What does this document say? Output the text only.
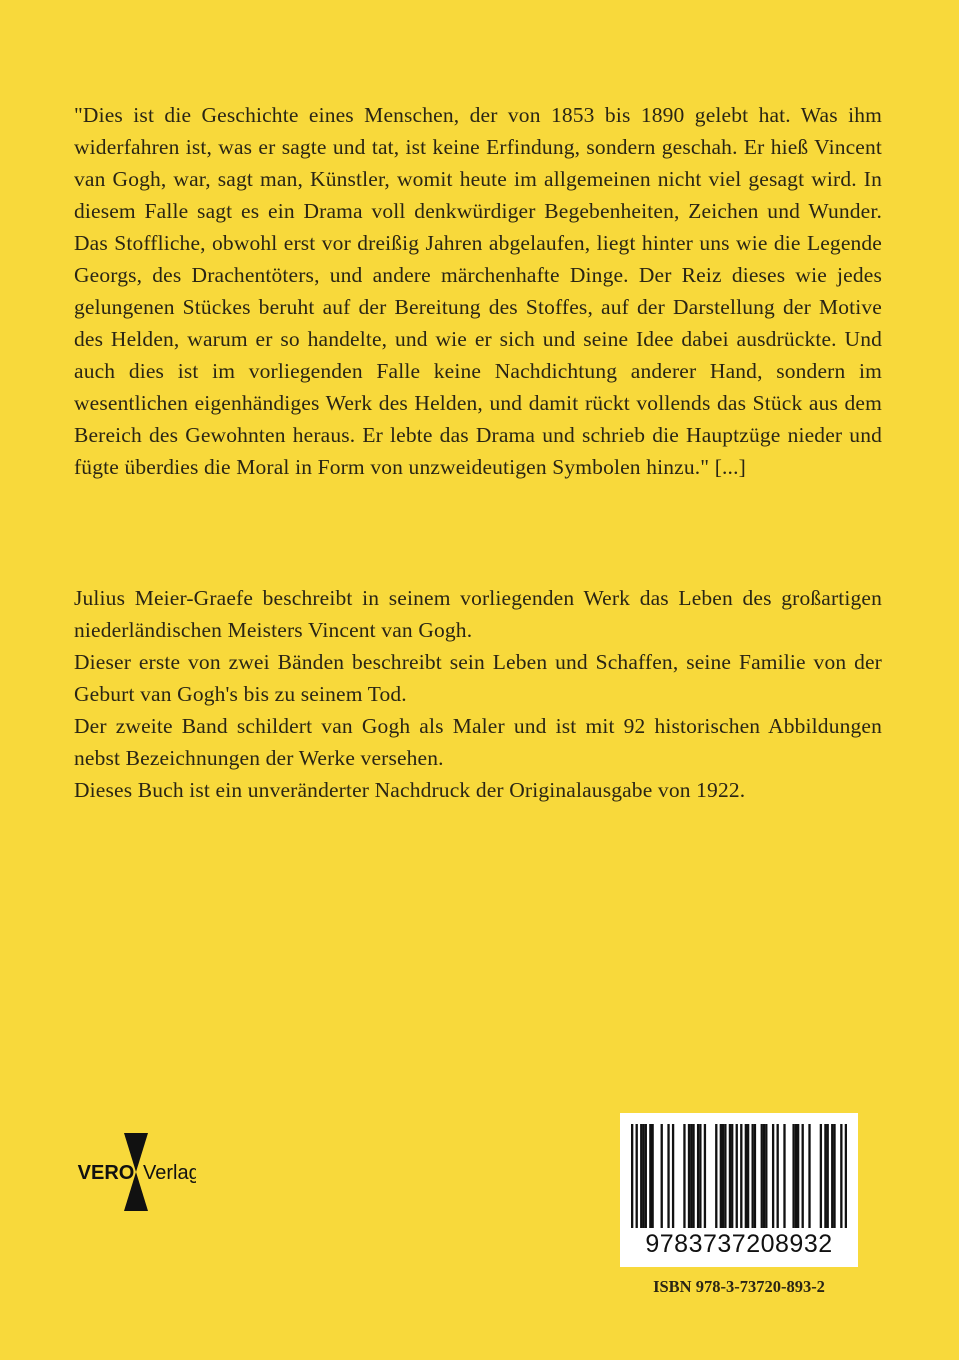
"Dies ist die Geschichte eines Menschen, der von 1853 bis 1890 gelebt hat. Was ihm widerfahren ist, was er sagte und tat, ist keine Erfindung, sondern geschah. Er hieß Vincent van Gogh, war, sagt man, Künstler, womit heute im allgemeinen nicht viel gesagt wird. In diesem Falle sagt es ein Drama voll denkwürdiger Begebenheiten, Zeichen und Wunder. Das Stoffliche, obwohl erst vor dreißig Jahren abgelaufen, liegt hinter uns wie die Legende Georgs, des Drachentöters, und andere märchenhafte Dinge. Der Reiz dieses wie jedes gelungenen Stückes beruht auf der Bereitung des Stoffes, auf der Darstellung der Motive des Helden, warum er so handelte, und wie er sich und seine Idee dabei ausdrückte. Und auch dies ist im vorliegenden Falle keine Nachdichtung anderer Hand, sondern im wesentlichen eigenhändiges Werk des Helden, und damit rückt vollends das Stück aus dem Bereich des Gewohnten heraus. Er lebte das Drama und schrieb die Hauptzüge nieder und fügte überdies die Moral in Form von unzweideutigen Symbolen hinzu." [...]

Julius Meier-Graefe beschreibt in seinem vorliegenden Werk das Leben des großartigen niederländischen Meisters Vincent van Gogh.

Dieser erste von zwei Bänden beschreibt sein Leben und Schaffen, seine Familie von der Geburt van Gogh's bis zu seinem Tod.

Der zweite Band schildert van Gogh als Maler und ist mit 92 historischen Abbildungen nebst Bezeichnungen der Werke versehen.

Dieses Buch ist ein unveränderter Nachdruck der Originalausgabe von 1922.

VERO Verlag
9783737208932
ISBN 978-3-73720-893-2
